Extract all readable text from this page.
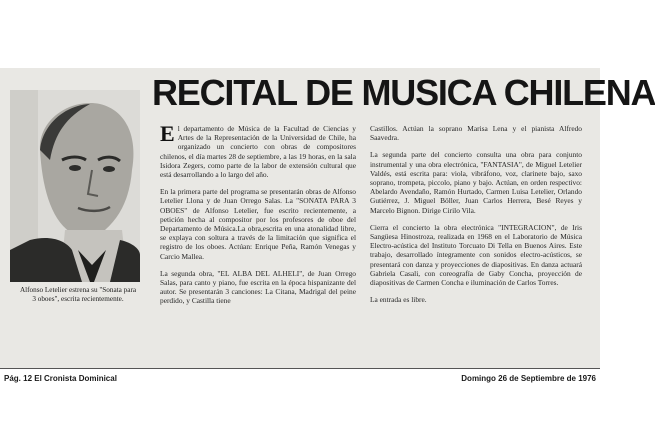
Alfonso Letelier estrena su "Sonata para 3 oboes", escrita recientemente.
RECITAL DE MUSICA CHILENA

El departamento de Música de la Facultad de Ciencias y Artes de la Representación de la Universidad de Chile, ha organizado un concierto con obras de compositores chilenos, el día martes 28 de septiembre, a las 19 horas, en la sala Isidora Zegers, como parte de la labor de extensión cultural que está desarrollando a lo largo del año.

En la primera parte del programa se presentarán obras de Alfonso Letelier Llona y de Juan Orrego Salas. La "SONATA PARA 3 OBOES" de Alfonso Letelier, fue escrito recientemente, a petición hecha al compositor por los profesores de oboe del Departamento de Música.La obra,escrita en una atonalidad libre, se explaya con soltura a través de la limitación que significa el registro de los oboes. Actúan: Enrique Peña, Ramón Venegas y Carcio Mallea.

La segunda obra, "EL ALBA DEL ALHELI", de Juan Orrego Salas, para canto y piano, fue escrita en la época hispanizante del autor. Se presentarán 3 canciones: La Citana, Madrigal del peine perdido, y Castilla tiene

Castillos. Actúan la soprano Marisa Lena y el pianista Alfredo Saavedra.

La segunda parte del concierto consulta una obra para conjunto instrumental y una obra electrónica, "FANTASIA", de Miguel Letelier Valdés, está escrita para: viola, vibráfono, voz, clarinete bajo, saxo soprano, trompeta, piccolo, piano y bajo. Actúan, en orden respectivo: Abelardo Avendaño, Ramón Hurtado, Carmen Luisa Letelier, Orlando Gutiérrez, J. Miguel Böller, Juan Carlos Herrera, Besé Reyes y Marcelo Bignon. Dirige Cirilo Vila.

Cierra el concierto la obra electrónica "INTEGRACION", de Iris Sangüesa Hinostroza, realizada en 1968 en el Laboratorio de Música Electro-acústica del Instituto Torcuato Di Tella en Buenos Aires. Este trabajo, desarrollado íntegramente con sonidos electro-acústicos, se presentará con danza y proyecciones de diapositivas. En danza actuará Gabriela Casali, con coreografía de Gaby Concha, proyección de diapositivas de Carmen Concha e iluminación de Carlos Torres.

La entrada es libre.

Pág. 12 El Cronista Dominical	Domingo 26 de Septiembre de 1976
